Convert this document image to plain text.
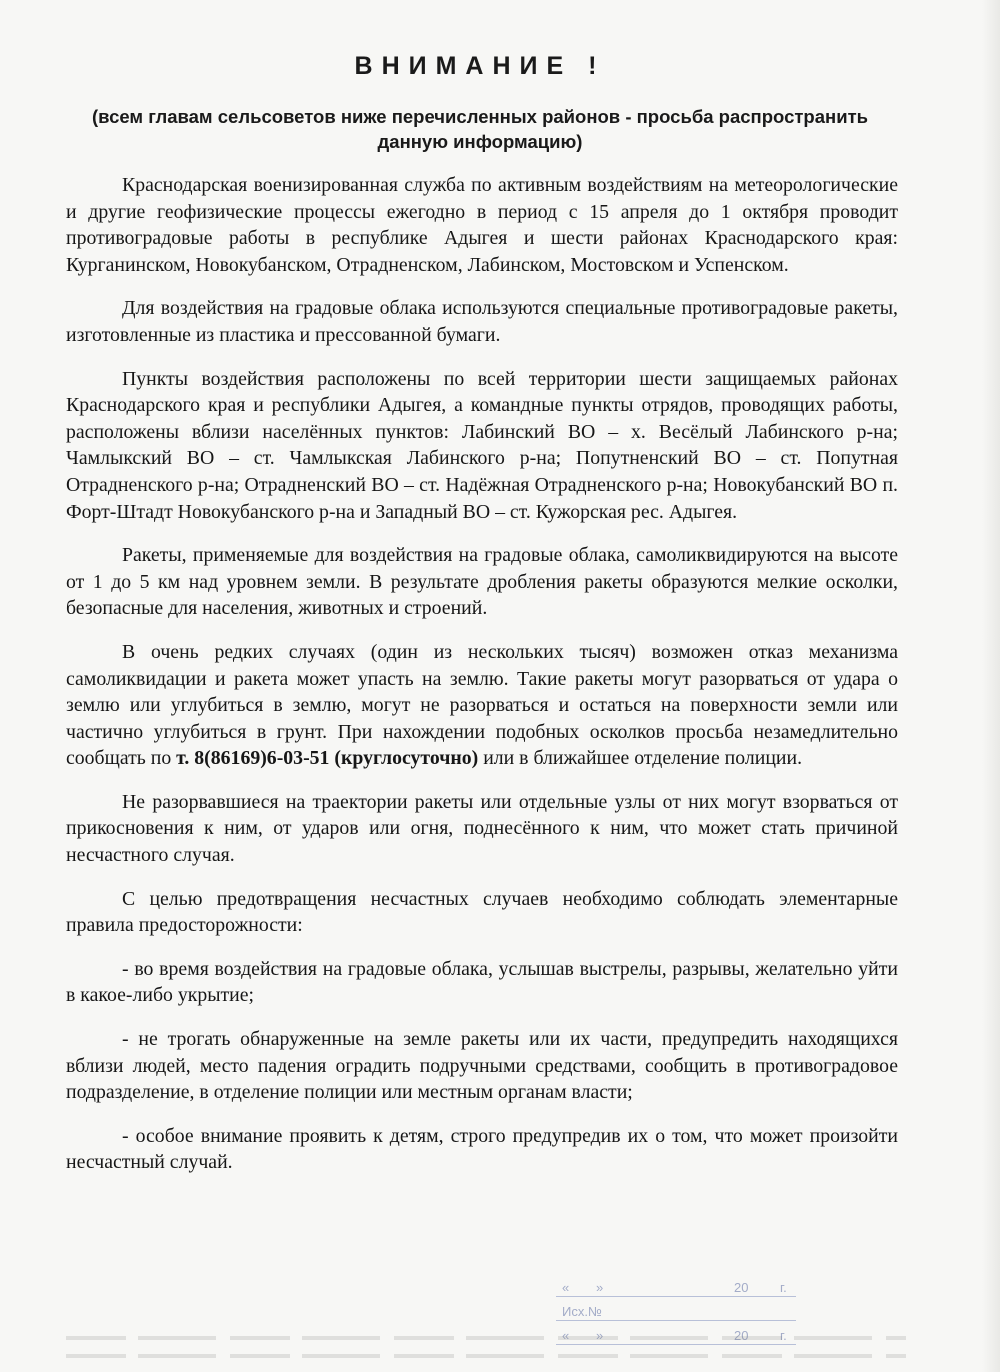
ВНИМАНИЕ !
(всем главам сельсоветов ниже перечисленных районов - просьба распространить данную информацию)

Краснодарская военизированная служба по активным воздействиям на метеорологические и другие геофизические процессы ежегодно в период с 15 апреля до 1 октября проводит противоградовые работы в республике Адыгея и шести районах Краснодарского края: Курганинском, Новокубанском, Отрадненском, Лабинском, Мостовском и Успенском.

Для воздействия на градовые облака используются специальные противоградовые ракеты, изготовленные из пластика и прессованной бумаги.

Пункты воздействия расположены по всей территории шести защищаемых районах Краснодарского края и республики Адыгея, а командные пункты отрядов, проводящих работы, расположены вблизи населённых пунктов: Лабинский ВО – х. Весёлый Лабинского р-на; Чамлыкский ВО – ст. Чамлыкская Лабинского р-на; Попутненский ВО – ст. Попутная Отрадненского р-на; Отрадненский ВО – ст. Надёжная Отрадненского р-на; Новокубанский ВО п. Форт-Штадт Новокубанского р-на и Западный ВО – ст. Кужорская рес. Адыгея.

Ракеты, применяемые для воздействия на градовые облака, самоликвидируются на высоте от 1 до 5 км над уровнем земли. В результате дробления ракеты образуются мелкие осколки, безопасные для населения, животных и строений.

В очень редких случаях (один из нескольких тысяч) возможен отказ механизма самоликвидации и ракета может упасть на землю. Такие ракеты могут разорваться от удара о землю или углубиться в землю, могут не разорваться и остаться на поверхности земли или частично углубиться в грунт. При нахождении подобных осколков просьба незамедлительно сообщать по т. 8(86169)6-03-51 (круглосуточно) или в ближайшее отделение полиции.

Не разорвавшиеся на траектории ракеты или отдельные узлы от них могут взорваться от прикосновения к ним, от ударов или огня, поднесённого к ним, что может стать причиной несчастного случая.

С целью предотвращения несчастных случаев необходимо соблюдать элементарные правила предосторожности:

- во время воздействия на градовые облака, услышав выстрелы, разрывы, желательно уйти в какое-либо укрытие;

- не трогать обнаруженные на земле ракеты или их части, предупредить находящихся вблизи людей, место падения оградить подручными средствами, сообщить в противоградовое подразделение, в отделение полиции или местным органам власти;

- особое внимание проявить к детям, строго предупредив их о том, что может произойти несчастный случай.

« »	20 г.
Исх.№
« »	20 г.
